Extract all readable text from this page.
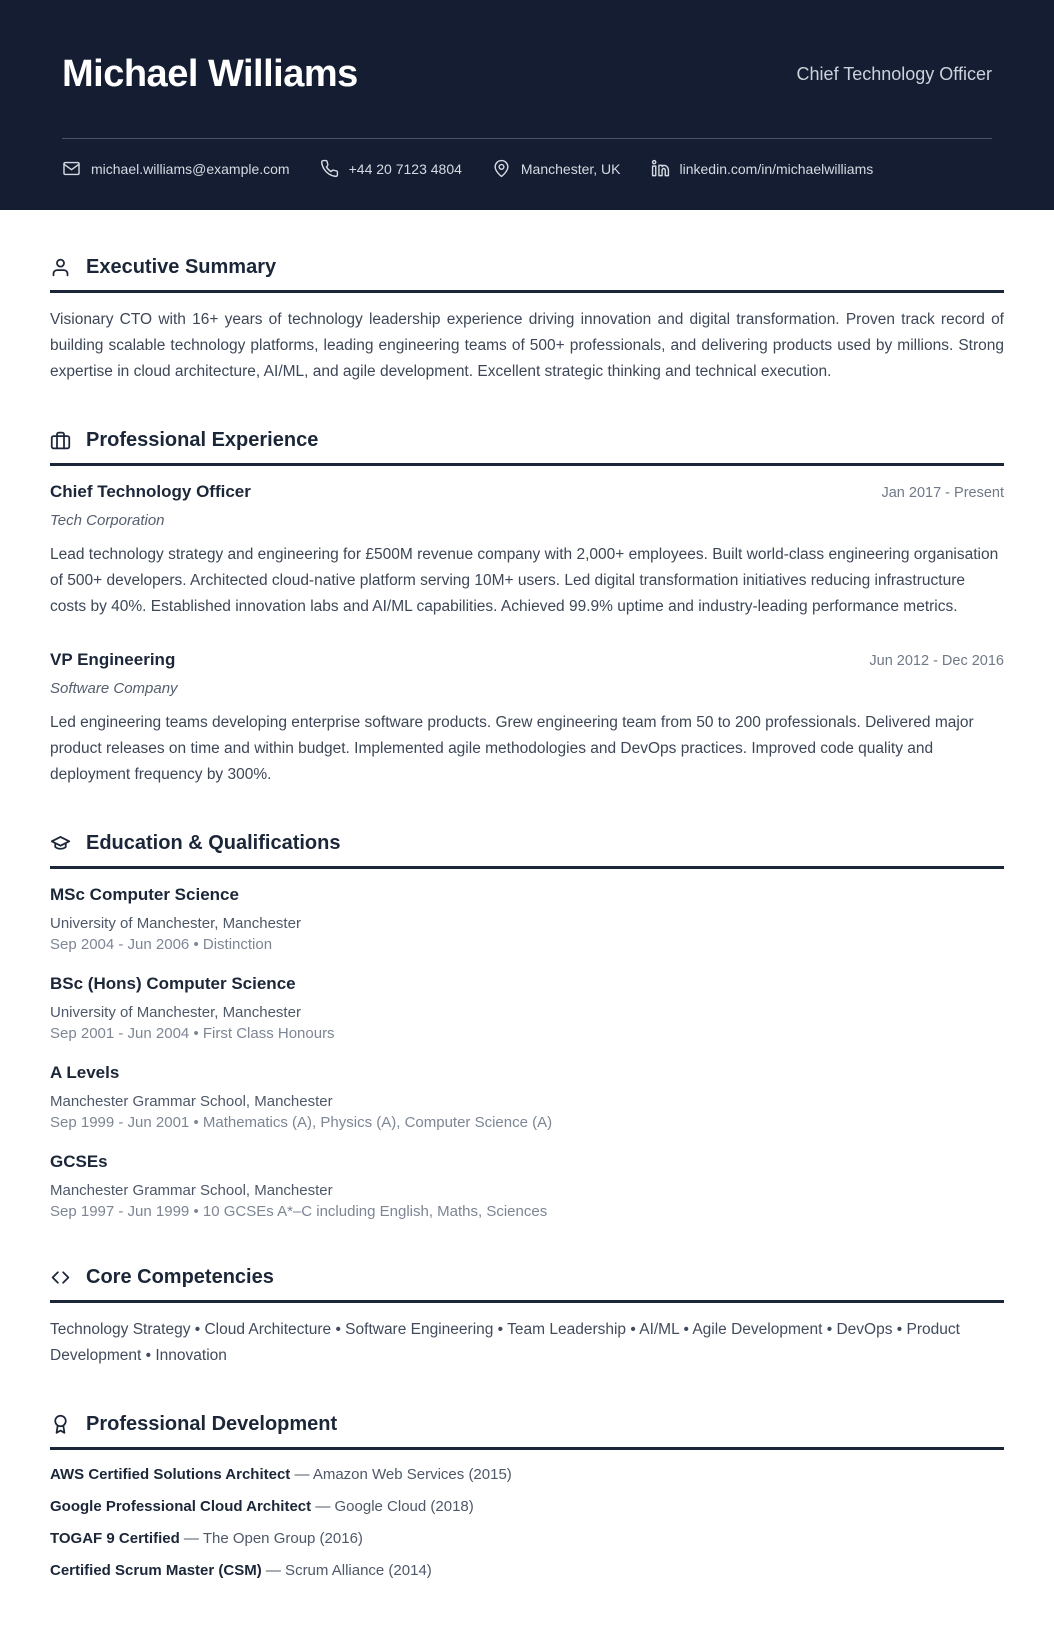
Michael Williams	Chief Technology Officer
michael.williams@example.com	+44 20 7123 4804	Manchester, UK	linkedin.com/in/michaelwilliams
Executive Summary

Visionary CTO with 16+ years of technology leadership experience driving innovation and digital transformation. Proven track record of building scalable technology platforms, leading engineering teams of 500+ professionals, and delivering products used by millions. Strong expertise in cloud architecture, AI/ML, and agile development. Excellent strategic thinking and technical execution.

Professional Experience
Chief Technology Officer	Jan 2017 - Present
Tech Corporation

Lead technology strategy and engineering for £500M revenue company with 2,000+ employees. Built world-class engineering organisation of 500+ developers. Architected cloud-native platform serving 10M+ users. Led digital transformation initiatives reducing infrastructure costs by 40%. Established innovation labs and AI/ML capabilities. Achieved 99.9% uptime and industry-leading performance metrics.

VP Engineering	Jun 2012 - Dec 2016
Software Company

Led engineering teams developing enterprise software products. Grew engineering team from 50 to 200 professionals. Delivered major product releases on time and within budget. Implemented agile methodologies and DevOps practices. Improved code quality and deployment frequency by 300%.

Education & Qualifications
MSc Computer Science
University of Manchester, Manchester
Sep 2004 - Jun 2006 • Distinction
BSc (Hons) Computer Science
University of Manchester, Manchester
Sep 2001 - Jun 2004 • First Class Honours
A Levels
Manchester Grammar School, Manchester
Sep 1999 - Jun 2001 • Mathematics (A), Physics (A), Computer Science (A)
GCSEs
Manchester Grammar School, Manchester
Sep 1997 - Jun 1999 • 10 GCSEs A*–C including English, Maths, Sciences
Core Competencies

Technology Strategy • Cloud Architecture • Software Engineering • Team Leadership • AI/ML • Agile Development • DevOps • Product Development • Innovation

Professional Development
AWS Certified Solutions Architect — Amazon Web Services (2015)
Google Professional Cloud Architect — Google Cloud (2018)
TOGAF 9 Certified — The Open Group (2016)
Certified Scrum Master (CSM) — Scrum Alliance (2014)
